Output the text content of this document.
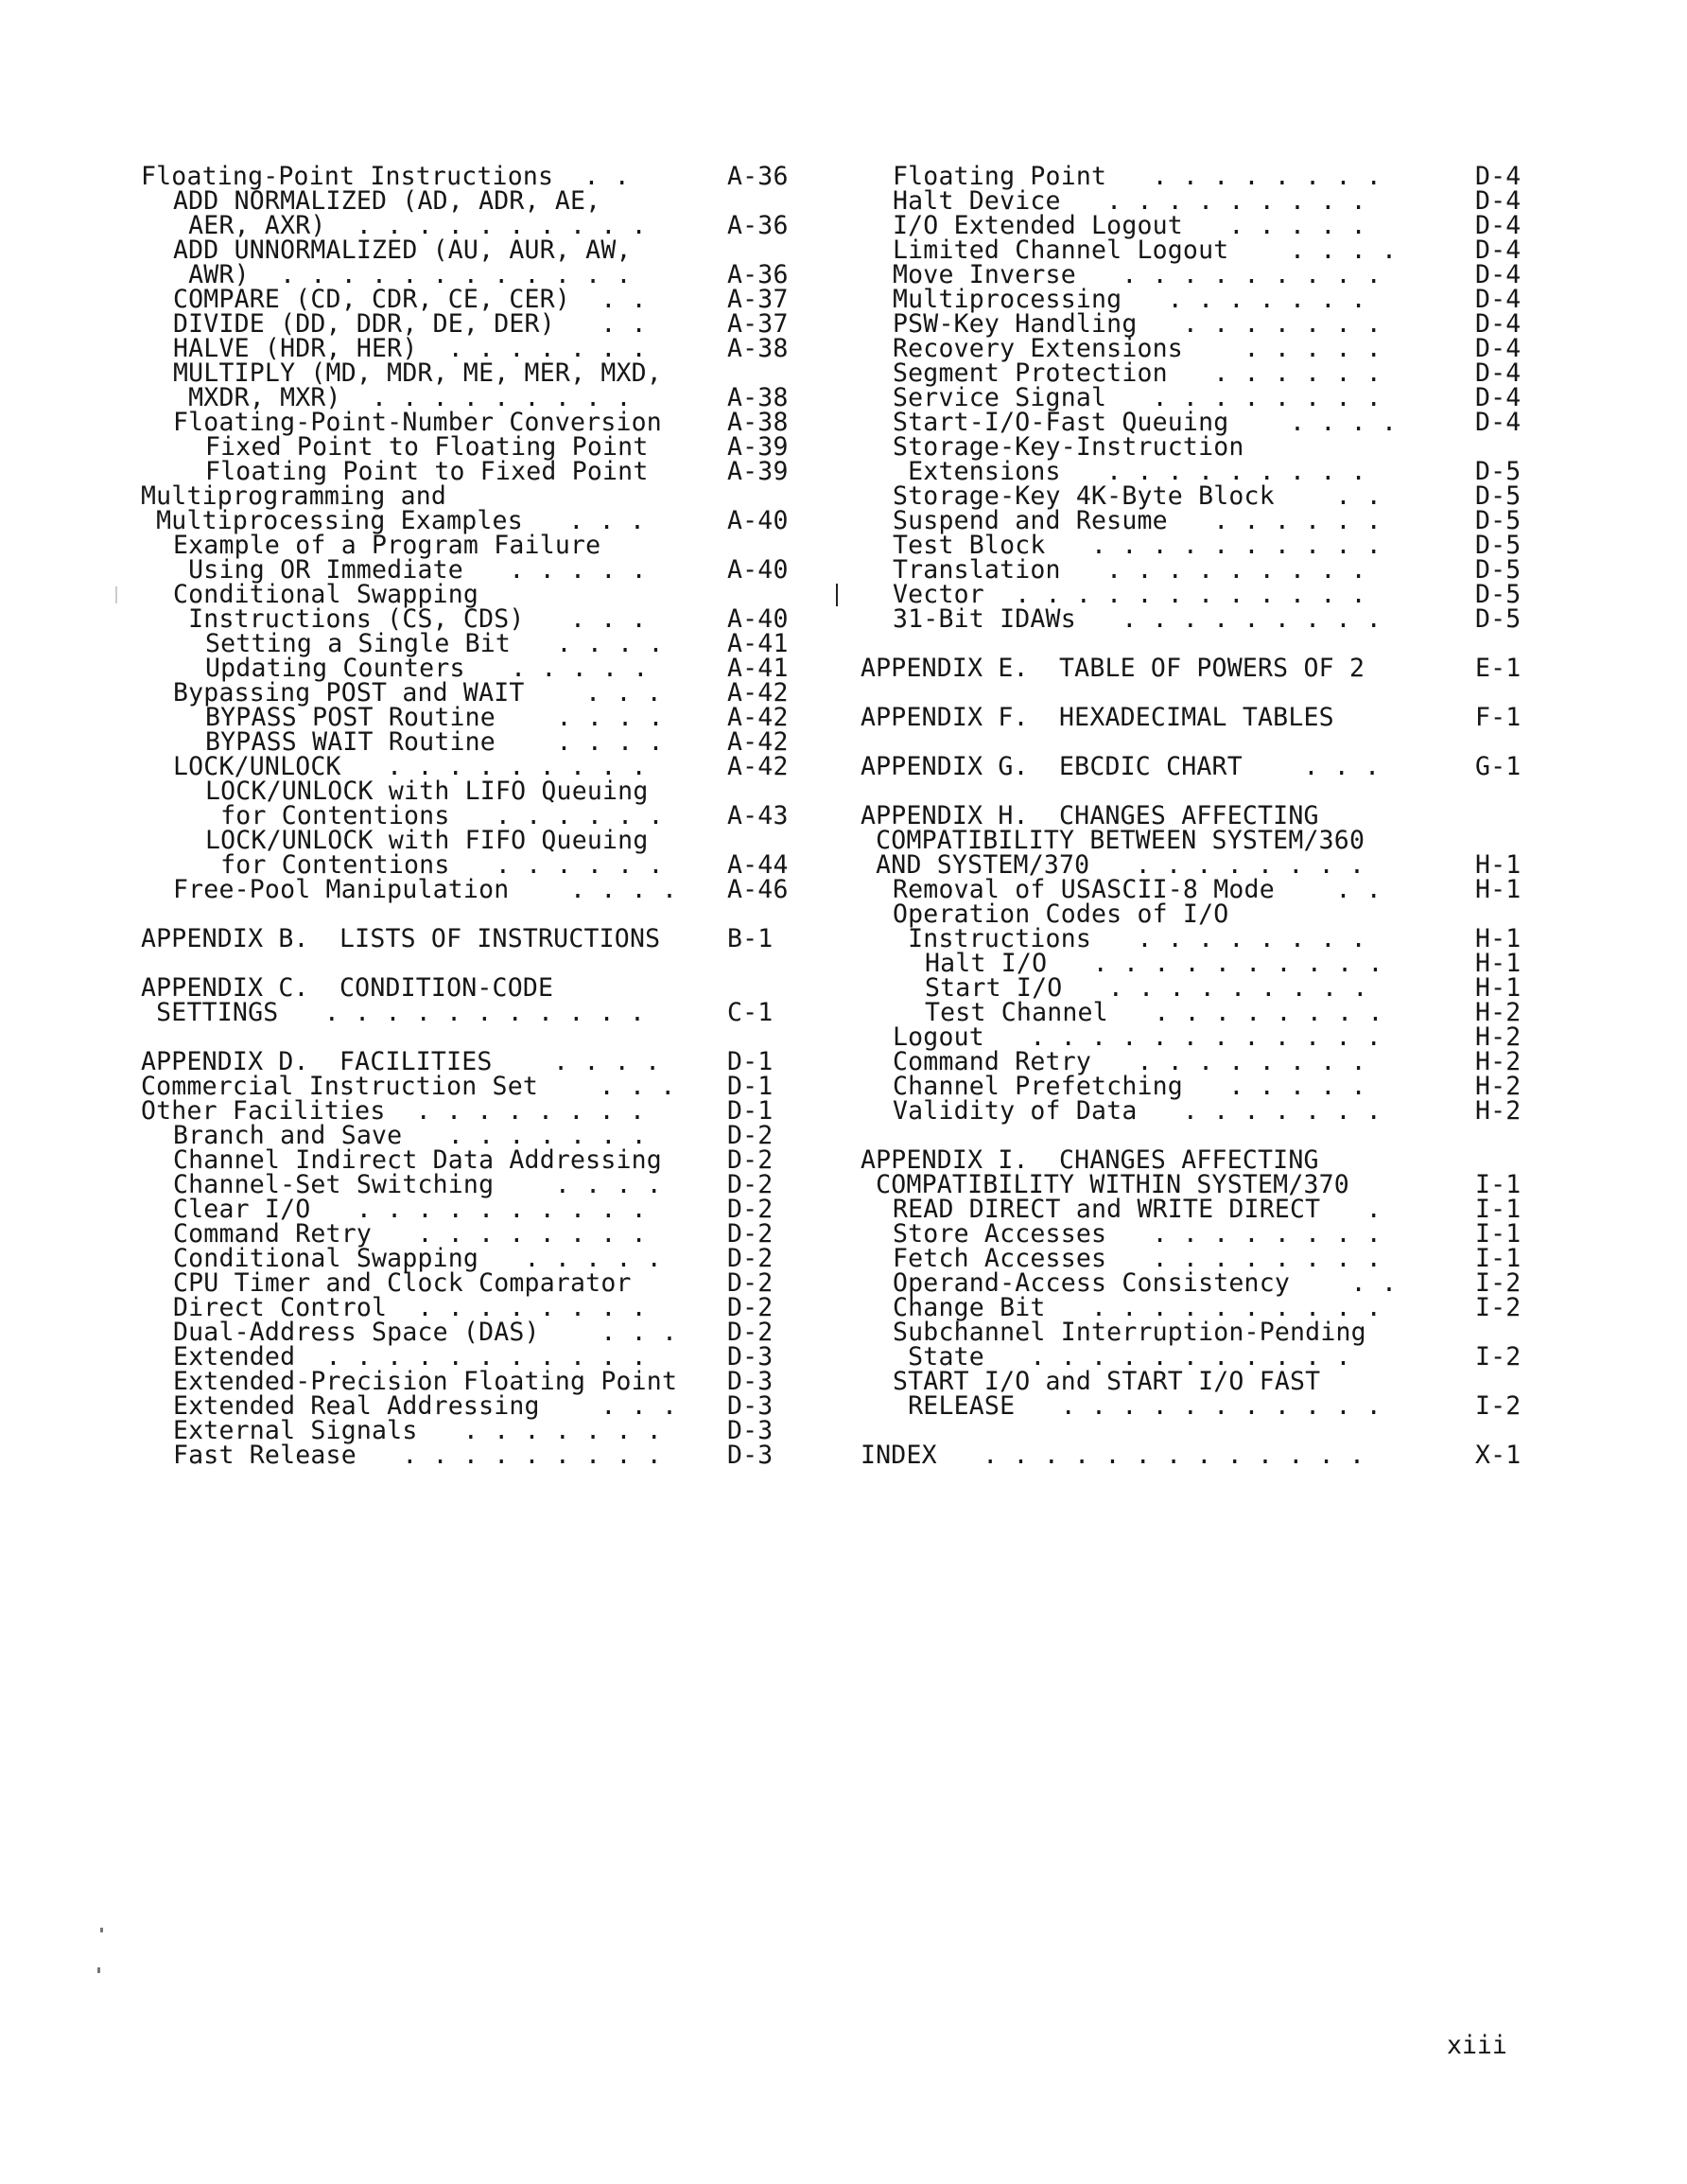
Floating-Point Instructions  . .	A-36
ADD NORMALIZED (AD, ADR, AE,
AER, AXR)  . . . . . . . . . .	A-36
ADD UNNORMALIZED (AU, AUR, AW,
AWR)  . . . . . . . . . . . .	A-36
COMPARE (CD, CDR, CE, CER)  . .	A-37
DIVIDE (DD, DDR, DE, DER)   . .	A-37
HALVE (HDR, HER)  . . . . . . .	A-38
MULTIPLY (MD, MDR, ME, MER, MXD,
MXDR, MXR)  . . . . . . . . .	A-38
Floating-Point-Number Conversion	A-38
Fixed Point to Floating Point	A-39
Floating Point to Fixed Point	A-39
Multiprogramming and
Multiprocessing Examples   . . .	A-40
Example of a Program Failure
Using OR Immediate   . . . . .	A-40
Conditional Swapping
Instructions (CS, CDS)   . . .	A-40
Setting a Single Bit   . . . .	A-41
Updating Counters   . . . . .	A-41
Bypassing POST and WAIT    . . .	A-42
BYPASS POST Routine    . . . .	A-42
BYPASS WAIT Routine    . . . .	A-42
LOCK/UNLOCK   . . . . . . . . .	A-42
LOCK/UNLOCK with LIFO Queuing
for Contentions   . . . . . .	A-43
LOCK/UNLOCK with FIFO Queuing
for Contentions   . . . . . .	A-44
Free-Pool Manipulation    . . . . A-46
APPENDIX B.  LISTS OF INSTRUCTIONS	B-1
APPENDIX C.  CONDITION-CODE
SETTINGS   . . . . . . . . . . .	C-1
APPENDIX D.  FACILITIES    . . . .	D-1
Commercial Instruction Set    . . . D-1
Other Facilities  . . . . . . . .	D-1
Branch and Save   . . . . . . .	D-2
Channel Indirect Data Addressing	D-2
Channel-Set Switching    . . . .	D-2
Clear I/O   . . . . . . . . . .	D-2
Command Retry   . . . . . . . .	D-2
Conditional Swapping   . . . . .	D-2
CPU Timer and Clock Comparator	D-2
Direct Control  . . . . . . . .	D-2
Dual-Address Space (DAS)    . . . D-2
Extended  . . . . . . . . . . .	D-3
Extended-Precision Floating Point D-3
Extended Real Addressing    . . . D-3
External Signals   . . . . . . .	D-3
Fast Release   . . . . . . . . .	D-3
Floating Point   . . . . . . . .	D-4
Halt Device   . . . . . . . . .	D-4
I/O Extended Logout   . . . . .	D-4
Limited Channel Logout    . . . .	D-4
Move Inverse   . . . . . . . . .	D-4
Multiprocessing   . . . . . . .	D-4
PSW-Key Handling   . . . . . . .	D-4
Recovery Extensions    . . . . .	D-4
Segment Protection   . . . . . .	D-4
Service Signal   . . . . . . . .	D-4
Start-I/O-Fast Queuing    . . . .	D-4
Storage-Key-Instruction
Extensions   . . . . . . . . .	D-5
Storage-Key 4K-Byte Block    . .	D-5
Suspend and Resume   . . . . . .	D-5
Test Block   . . . . . . . . . .	D-5
Translation   . . . . . . . . .	D-5
Vector  . . . . . . . . . . . .	D-5
31-Bit IDAWs   . . . . . . . . .	D-5
APPENDIX E.  TABLE OF POWERS OF 2	E-1
APPENDIX F.  HEXADECIMAL TABLES	F-1
APPENDIX G.  EBCDIC CHART    . . .	G-1
APPENDIX H.  CHANGES AFFECTING
COMPATIBILITY BETWEEN SYSTEM/360
AND SYSTEM/370   . . . . . . . .	H-1
Removal of USASCII-8 Mode    . .	H-1
Operation Codes of I/O
Instructions   . . . . . . . .	H-1
Halt I/O   . . . . . . . . . .	H-1
Start I/O   . . . . . . . . .	H-1
Test Channel   . . . . . . . .	H-2
Logout   . . . . . . . . . . . .	H-2
Command Retry   . . . . . . . .	H-2
Channel Prefetching   . . . . .	H-2
Validity of Data   . . . . . . .	H-2
APPENDIX I.  CHANGES AFFECTING
COMPATIBILITY WITHIN SYSTEM/370	I-1
READ DIRECT and WRITE DIRECT   .	I-1
Store Accesses   . . . . . . . .	I-1
Fetch Accesses   . . . . . . . .	I-1
Operand-Access Consistency    . .	I-2
Change Bit   . . . . . . . . . .	I-2
Subchannel Interruption-Pending
State   . . . . . . . . . . .	I-2
START I/O and START I/O FAST
RELEASE   . . . . . . . . . . .	I-2
INDEX   . . . . . . . . . . . . .	X-1
xiii
